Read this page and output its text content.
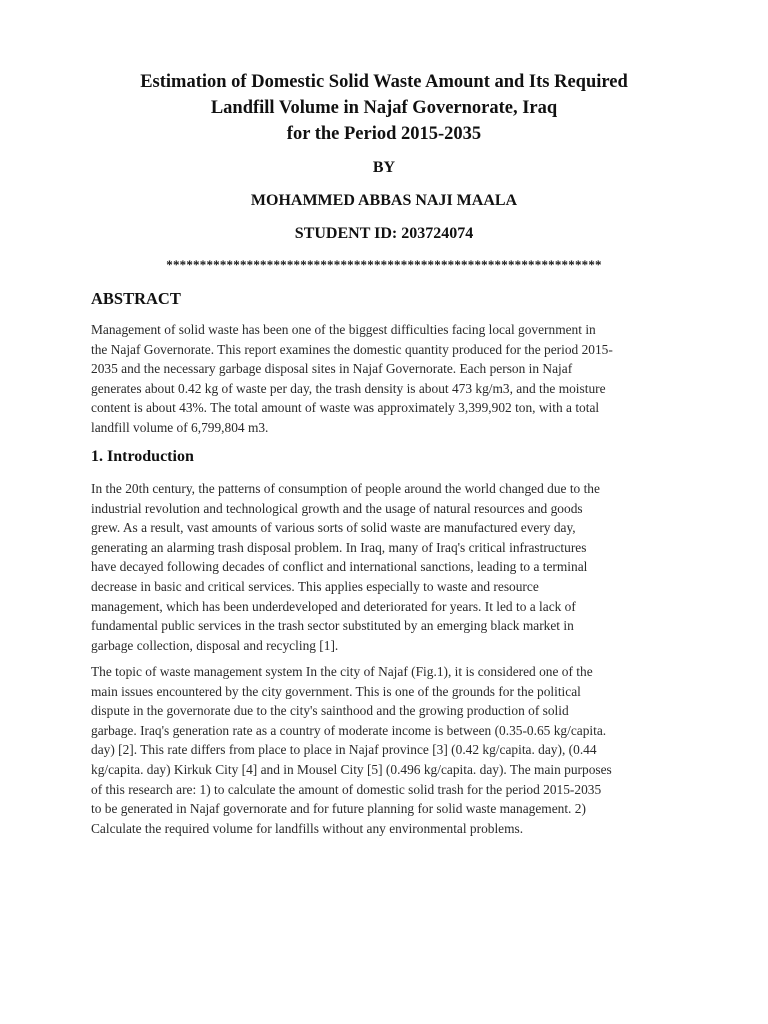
Estimation of Domestic Solid Waste Amount and Its Required
Landfill Volume in Najaf Governorate, Iraq
for the Period 2015-2035
BY
MOHAMMED ABBAS NAJI MAALA
STUDENT ID: 203724074
*****************************************************************
ABSTRACT
Management of solid waste has been one of the biggest difficulties facing local government in
the Najaf Governorate. This report examines the domestic quantity produced for the period 2015-
2035 and the necessary garbage disposal sites in Najaf Governorate. Each person in Najaf
generates about 0.42 kg of waste per day, the trash density is about 473 kg/m3, and the moisture
content is about 43%. The total amount of waste was approximately 3,399,902 ton, with a total
landfill volume of 6,799,804 m3.
1. Introduction
In the 20th century, the patterns of consumption of people around the world changed due to the
industrial revolution and technological growth and the usage of natural resources and goods
grew. As a result, vast amounts of various sorts of solid waste are manufactured every day,
generating an alarming trash disposal problem. In Iraq, many of Iraq's critical infrastructures
have decayed following decades of conflict and international sanctions, leading to a terminal
decrease in basic and critical services. This applies especially to waste and resource
management, which has been underdeveloped and deteriorated for years. It led to a lack of
fundamental public services in the trash sector substituted by an emerging black market in
garbage collection, disposal and recycling [1].
The topic of waste management system In the city of Najaf (Fig.1), it is considered one of the
main issues encountered by the city government. This is one of the grounds for the political
dispute in the governorate due to the city's sainthood and the growing production of solid
garbage. Iraq's generation rate as a country of moderate income is between (0.35-0.65 kg/capita.
day) [2]. This rate differs from place to place in Najaf province [3] (0.42 kg/capita. day), (0.44
kg/capita. day) Kirkuk City [4] and in Mousel City [5] (0.496 kg/capita. day). The main purposes
of this research are: 1) to calculate the amount of domestic solid trash for the period 2015-2035
to be generated in Najaf governorate and for future planning for solid waste management. 2)
Calculate the required volume for landfills without any environmental problems.
